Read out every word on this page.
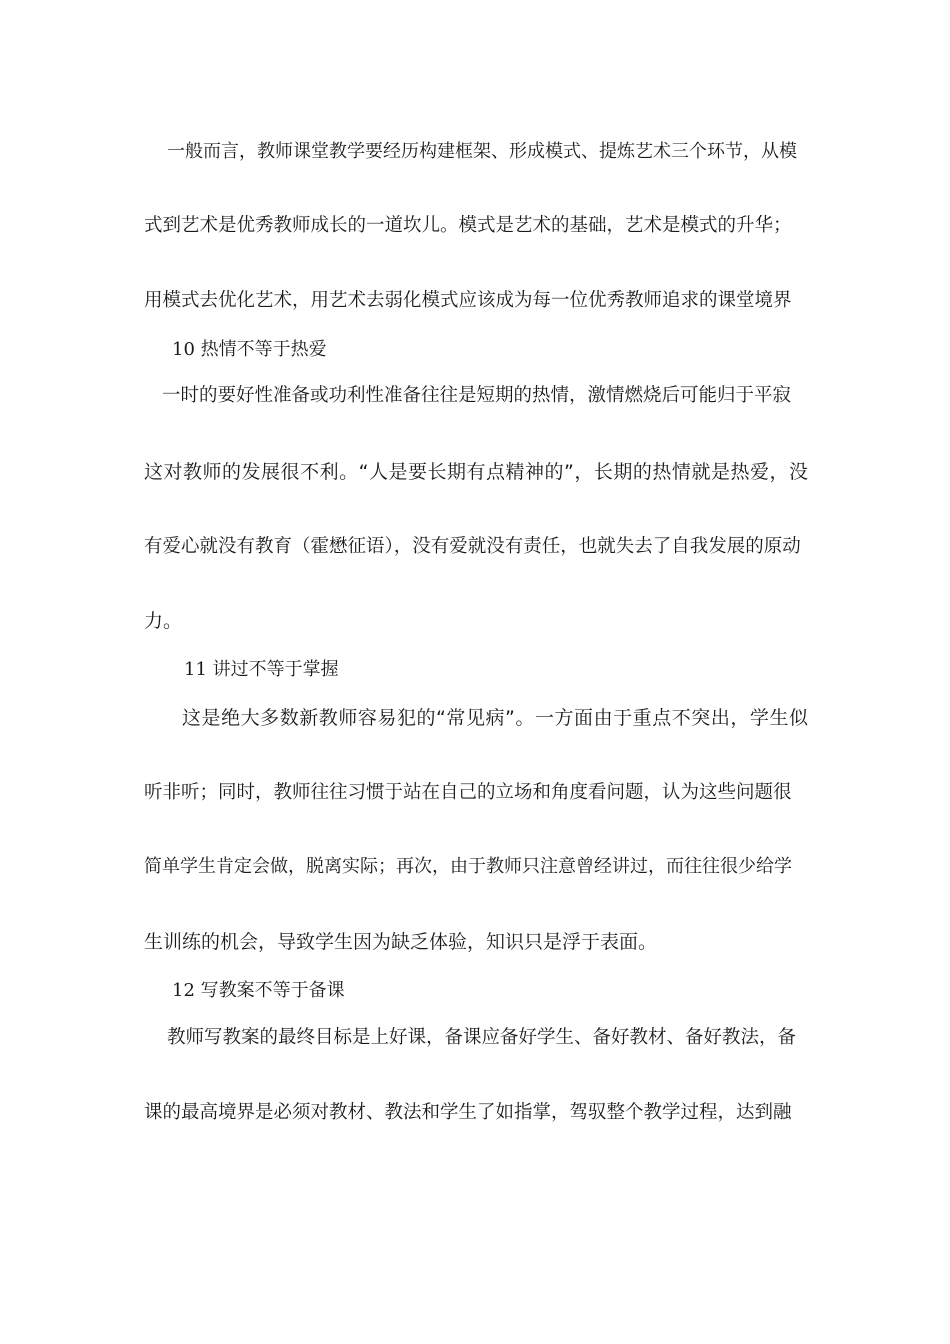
一般而言，教师课堂教学要经历构建框架、形成模式、提炼艺术三个环节，从模
式到艺术是优秀教师成长的一道坎儿。模式是艺术的基础，艺术是模式的升华；
用模式去优化艺术，用艺术去弱化模式应该成为每一位优秀教师追求的课堂境界
10 热情不等于热爱
一时的要好性准备或功利性准备往往是短期的热情，激情燃烧后可能归于平寂
这对教师的发展很不利。“人是要长期有点精神的”，长期的热情就是热爱，没
有爱心就没有教育（霍懋征语），没有爱就没有责任，也就失去了自我发展的原动
力。
11 讲过不等于掌握
这是绝大多数新教师容易犯的“常见病”。一方面由于重点不突出，学生似
听非听；同时，教师往往习惯于站在自己的立场和角度看问题，认为这些问题很
简单学生肯定会做，脱离实际；再次，由于教师只注意曾经讲过，而往往很少给学
生训练的机会，导致学生因为缺乏体验，知识只是浮于表面。
12 写教案不等于备课
教师写教案的最终目标是上好课，备课应备好学生、备好教材、备好教法，备
课的最高境界是必须对教材、教法和学生了如指掌，驾驭整个教学过程，达到融
